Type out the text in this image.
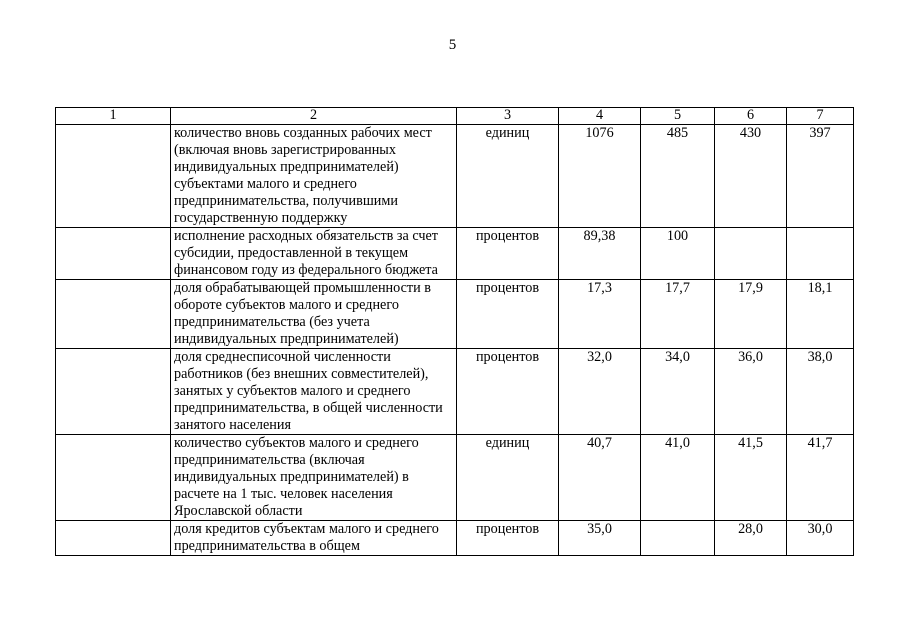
5
1	2	3	4	5	6	7
	количество вновь созданных рабочих мест (включая вновь зарегистрированных индивидуальных предпринимателей) субъектами малого и среднего предпринимательства, получившими государственную поддержку	единиц	1076	485	430	397
	исполнение расходных обязательств за счет субсидии, предоставленной в текущем финансовом году из федерального бюджета	процентов	89,38	100		
	доля обрабатывающей промышленности в обороте субъектов малого и среднего предпринимательства (без учета индивидуальных предпринимателей)	процентов	17,3	17,7	17,9	18,1
	доля среднесписочной численности работников (без внешних совместителей), занятых у субъектов малого и среднего предпринимательства, в общей численности занятого населения	процентов	32,0	34,0	36,0	38,0
	количество субъектов малого и среднего предпринимательства (включая индивидуальных предпринимателей) в расчете на 1 тыс. человек населения Ярославской области	единиц	40,7	41,0	41,5	41,7

	доля кредитов субъектам малого и среднего предпринимательства в общем	процентов	35,0		28,0	30,0
